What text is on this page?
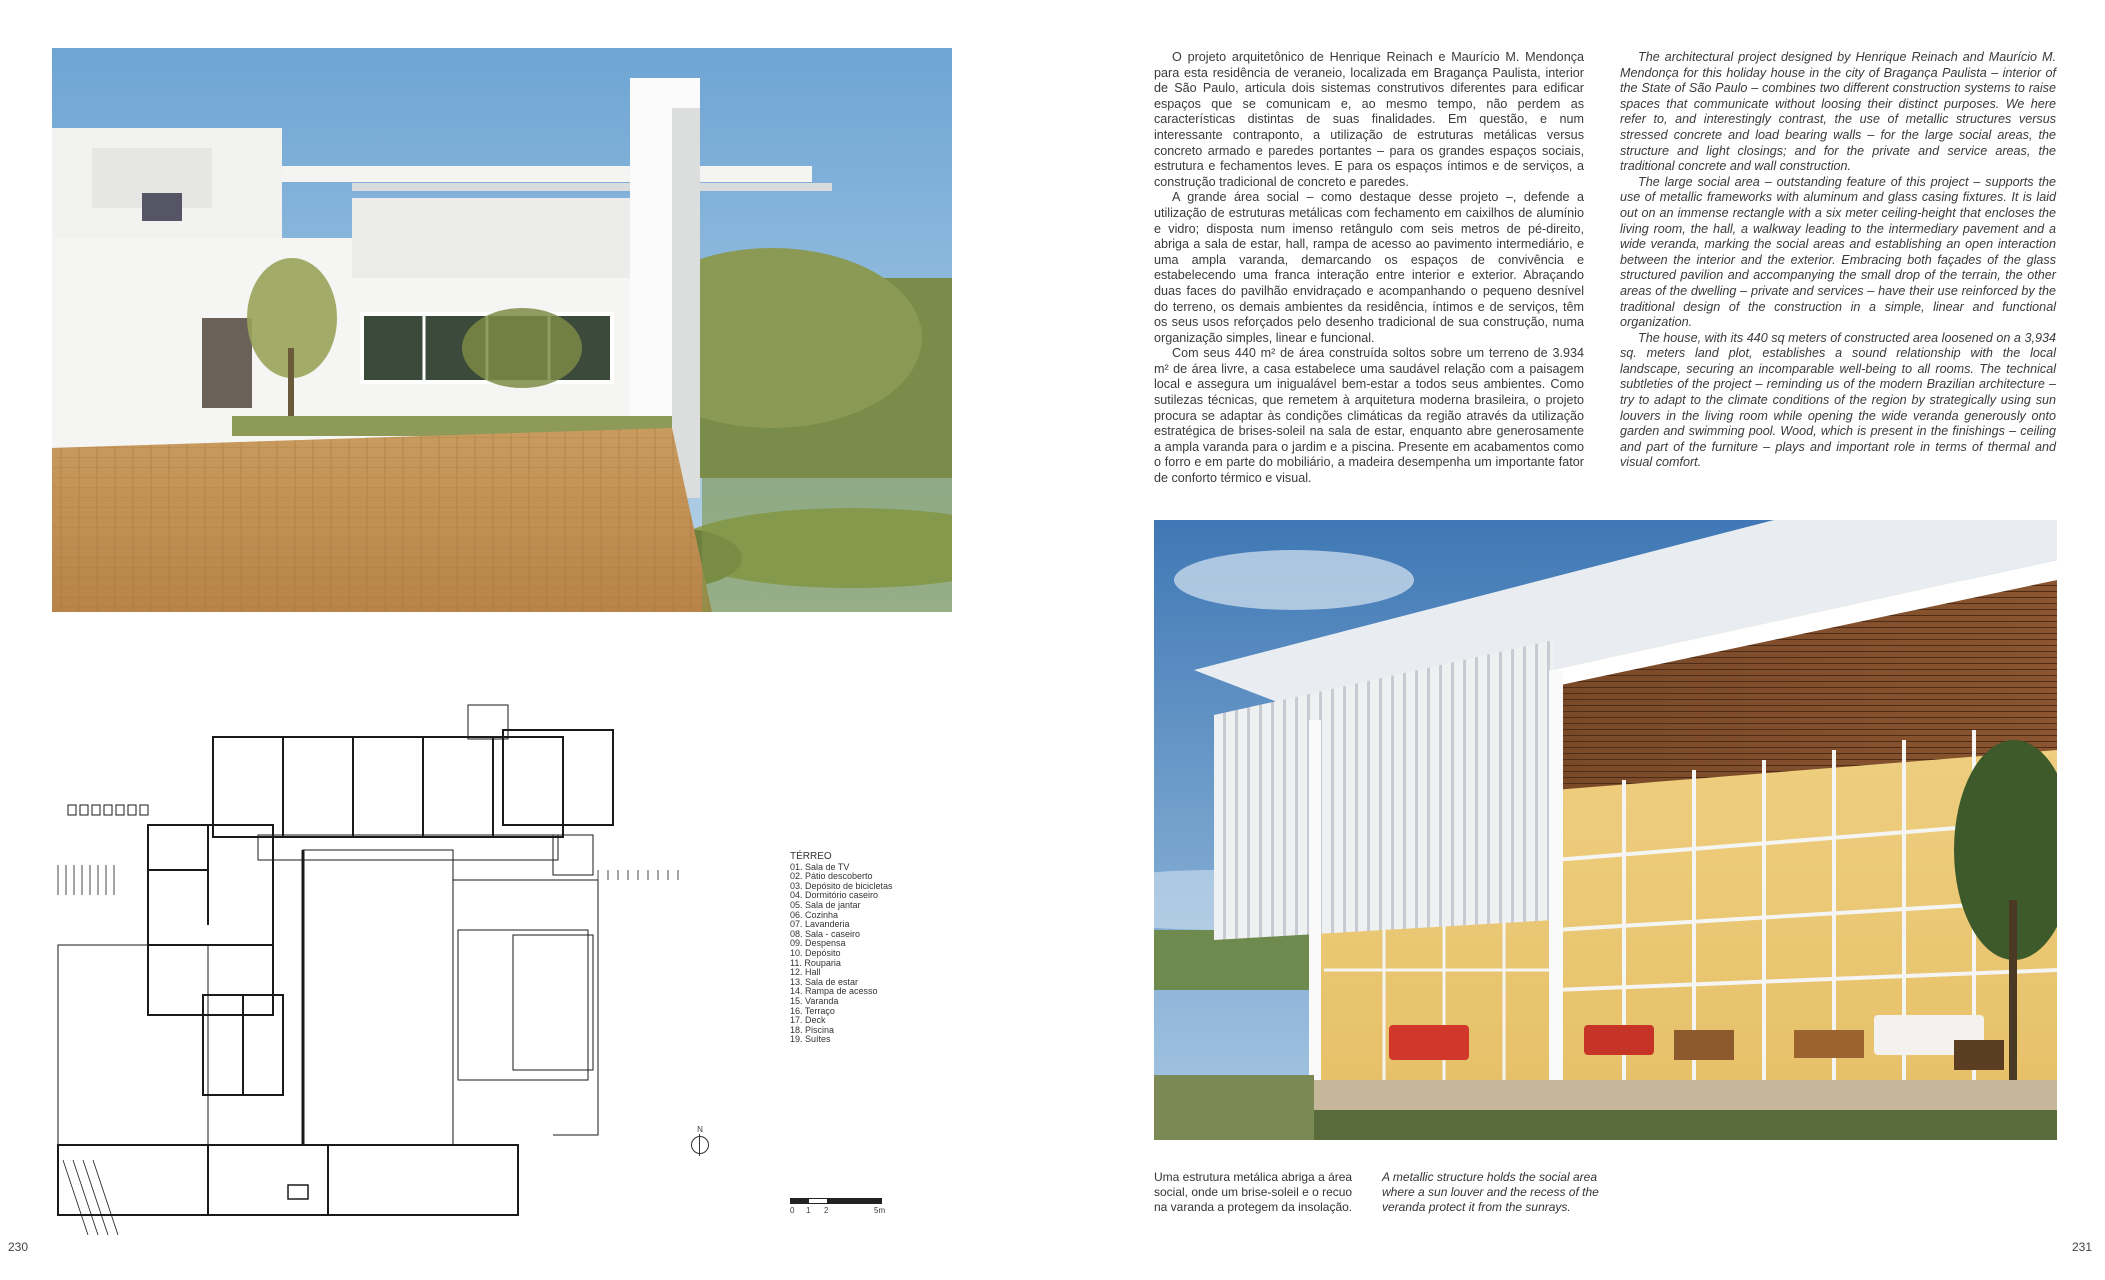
N
TÉRREO
01. Sala de TV
02. Pátio descoberto
03. Depósito de bicicletas
04. Dormitório caseiro
05. Sala de jantar
06. Cozinha
07. Lavanderia
08. Sala - caseiro
09. Despensa
10. Depósito
11. Rouparia
12. Hall
13. Sala de estar
14. Rampa de acesso
15. Varanda
16. Terraço
17. Deck
18. Piscina
19. Suítes
0 1 2	5m
230

O projeto arquitetônico de Henrique Reinach e Maurício M. Mendonça para esta residência de veraneio, localizada em Bragança Paulista, interior de São Paulo, articula dois sistemas construtivos diferentes para edificar espaços que se comunicam e, ao mesmo tempo, não perdem as características distintas de suas finalidades. Em questão, e num interessante contraponto, a utilização de estruturas metálicas versus concreto armado e paredes portantes – para os grandes espaços sociais, estrutura e fechamentos leves. E para os espaços íntimos e de serviços, a construção tradicional de concreto e paredes.

A grande área social – como destaque desse projeto –, defende a utilização de estruturas metálicas com fechamento em caixilhos de alumínio e vidro; disposta num imenso retângulo com seis metros de pé-direito, abriga a sala de estar, hall, rampa de acesso ao pavimento intermediário, e uma ampla varanda, demarcando os espaços de convivência e estabelecendo uma franca interação entre interior e exterior. Abraçando duas faces do pavilhão envidraçado e acompanhando o pequeno desnível do terreno, os demais ambientes da residência, íntimos e de serviços, têm os seus usos reforçados pelo desenho tradicional de sua construção, numa organização simples, linear e funcional.

Com seus 440 m² de área construída soltos sobre um terreno de 3.934 m² de área livre, a casa estabelece uma saudável relação com a paisagem local e assegura um inigualável bem-estar a todos seus ambientes. Como sutilezas técnicas, que remetem à arquitetura moderna brasileira, o projeto procura se adaptar às condições climáticas da região através da utilização estratégica de brises-soleil na sala de estar, enquanto abre generosamente a ampla varanda para o jardim e a piscina. Presente em acabamentos como o forro e em parte do mobiliário, a madeira desempenha um importante fator de conforto térmico e visual.

The architectural project designed by Henrique Reinach and Maurício M. Mendonça for this holiday house in the city of Bragança Paulista – interior of the State of São Paulo – combines two different construction systems to raise spaces that communicate without loosing their distinct purposes. We here refer to, and interestingly contrast, the use of metallic structures versus stressed concrete and load bearing walls – for the large social areas, the structure and light closings; and for the private and service areas, the traditional concrete and wall construction.

The large social area – outstanding feature of this project – supports the use of metallic frameworks with aluminum and glass casing fixtures. It is laid out on an immense rectangle with a six meter ceiling-height that encloses the living room, the hall, a walkway leading to the intermediary pavement and a wide veranda, marking the social areas and establishing an open interaction between the interior and the exterior. Embracing both façades of the glass structured pavilion and accompanying the small drop of the terrain, the other areas of the dwelling – private and services – have their use reinforced by the traditional design of the construction in a simple, linear and functional organization.

The house, with its 440 sq meters of constructed area loosened on a 3,934 sq. meters land plot, establishes a sound relationship with the local landscape, securing an incomparable well-being to all rooms. The technical subtleties of the project – reminding us of the modern Brazilian architecture – try to adapt to the climate conditions of the region by strategically using sun louvers in the living room while opening the wide veranda generously onto garden and swimming pool. Wood, which is present in the finishings – ceiling and part of the furniture – plays and important role in terms of thermal and visual comfort.

Uma estrutura metálica abriga a área social, onde um brise-soleil e o recuo na varanda a protegem da insolação.
A metallic structure holds the social area where a sun louver and the recess of the veranda protect it from the sunrays.
231
